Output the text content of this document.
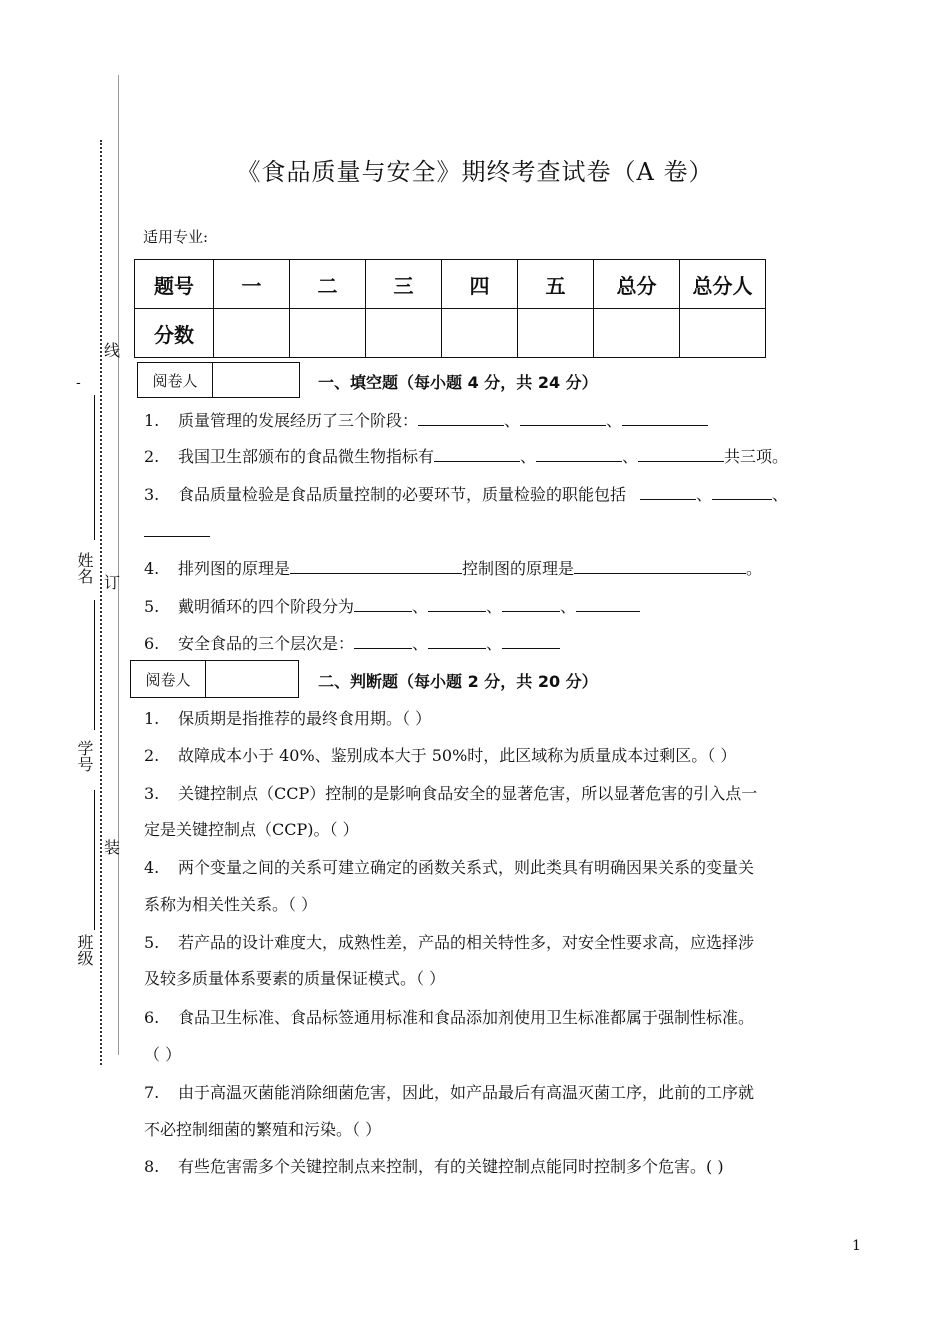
线
-
姓名 订
学号
装
班级
《食品质量与安全》期终考查试卷（A 卷）
适用专业:
题号	一	二	三	四	五	总分	总分人
分数							
阅卷人	一、填空题（每小题 4 分，共 24 分）
1. 质量管理的发展经历了三个阶段：	、	、
2. 我国卫生部颁布的食品微生物指标有	、	、	共三项。
3. 食品质量检验是食品质量控制的必要环节，质量检验的职能包括	、	、
4. 排列图的原理是	控制图的原理是	。
5. 戴明循环的四个阶段分为	、	、	、
6. 安全食品的三个层次是：	、	、
阅卷人	二、判断题（每小题 2 分，共 20 分）
1. 保质期是指推荐的最终食用期。（ ）
2. 故障成本小于 40%、鉴别成本大于 50%时，此区域称为质量成本过剩区。（ ）
3. 关键控制点（CCP）控制的是影响食品安全的显著危害，所以显著危害的引入点一
定是关键控制点（CCP)。（ ）
4. 两个变量之间的关系可建立确定的函数关系式，则此类具有明确因果关系的变量关
系称为相关性关系。（ ）
5. 若产品的设计难度大，成熟性差，产品的相关特性多，对安全性要求高，应选择涉
及较多质量体系要素的质量保证模式。（ ）
6. 食品卫生标准、食品标签通用标准和食品添加剂使用卫生标准都属于强制性标准。
（ ）
7. 由于高温灭菌能消除细菌危害，因此，如产品最后有高温灭菌工序，此前的工序就
不必控制细菌的繁殖和污染。（ ）
8. 有些危害需多个关键控制点来控制，有的关键控制点能同时控制多个危害。( )
1
